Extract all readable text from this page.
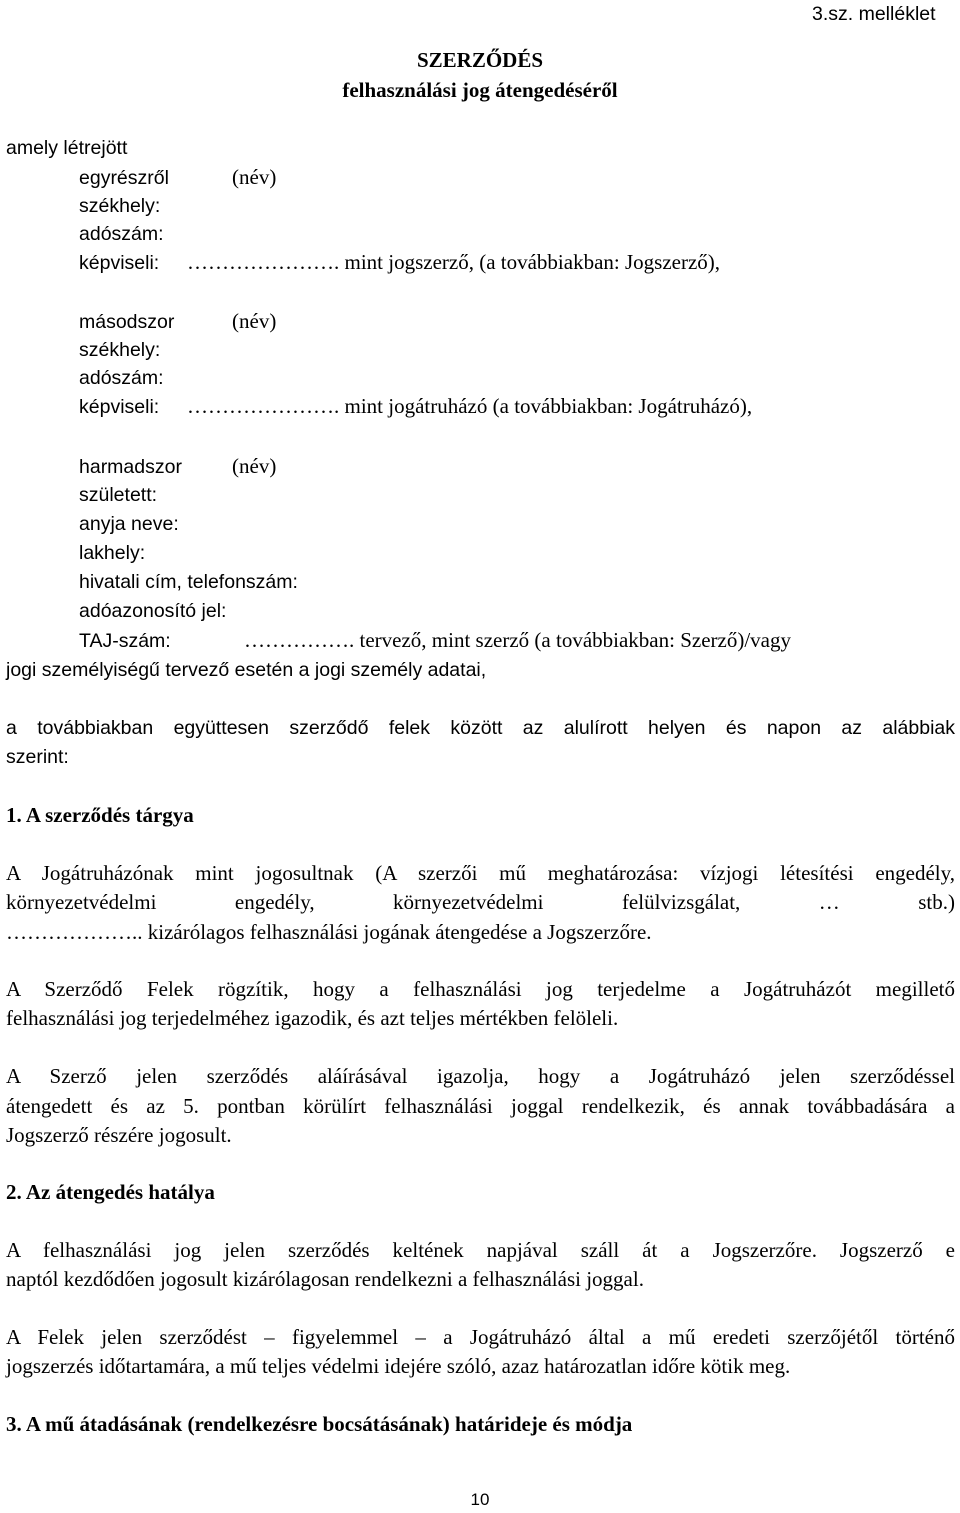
3.sz. melléklet
SZERZŐDÉS
felhasználási jog átengedéséről
amely létrejött
egyrészről	(név)
székhely:
adószám:
képviseli: …………………. mint jogszerző, (a továbbiakban: Jogszerző),
másodszor	(név)
székhely:
adószám:
képviseli: …………………. mint jogátruházó (a továbbiakban: Jogátruházó),
harmadszor (név)
született:
anyja neve:
lakhely:
hivatali cím, telefonszám:
adóazonosító jel:
TAJ-szám:	……………. tervező, mint szerző (a továbbiakban: Szerző)/vagy
jogi személyiségű tervező esetén a jogi személy adatai,
a továbbiakban együttesen szerződő felek között az alulírott helyen és napon az alábbiak
szerint:
1. A szerződés tárgya
A Jogátruházónak mint jogosultnak (A szerzői mű meghatározása: vízjogi létesítési engedély,
környezetvédelmi engedély, környezetvédelmi felülvizsgálat, … stb.)
……………….. kizárólagos felhasználási jogának átengedése a Jogszerzőre.
A Szerződő Felek rögzítik, hogy a felhasználási jog terjedelme a Jogátruházót megillető
felhasználási jog terjedelméhez igazodik, és azt teljes mértékben felöleli.
A Szerző jelen szerződés aláírásával igazolja, hogy a Jogátruházó jelen szerződéssel
átengedett és az 5. pontban körülírt felhasználási joggal rendelkezik, és annak továbbadására a
Jogszerző részére jogosult.
2. Az átengedés hatálya
A felhasználási jog jelen szerződés keltének napjával száll át a Jogszerzőre. Jogszerző e
naptól kezdődően jogosult kizárólagosan rendelkezni a felhasználási joggal.
A Felek jelen szerződést – figyelemmel – a Jogátruházó által a mű eredeti szerzőjétől történő
jogszerzés időtartamára, a mű teljes védelmi idejére szóló, azaz határozatlan időre kötik meg.
3. A mű átadásának (rendelkezésre bocsátásának) határideje és módja
10
